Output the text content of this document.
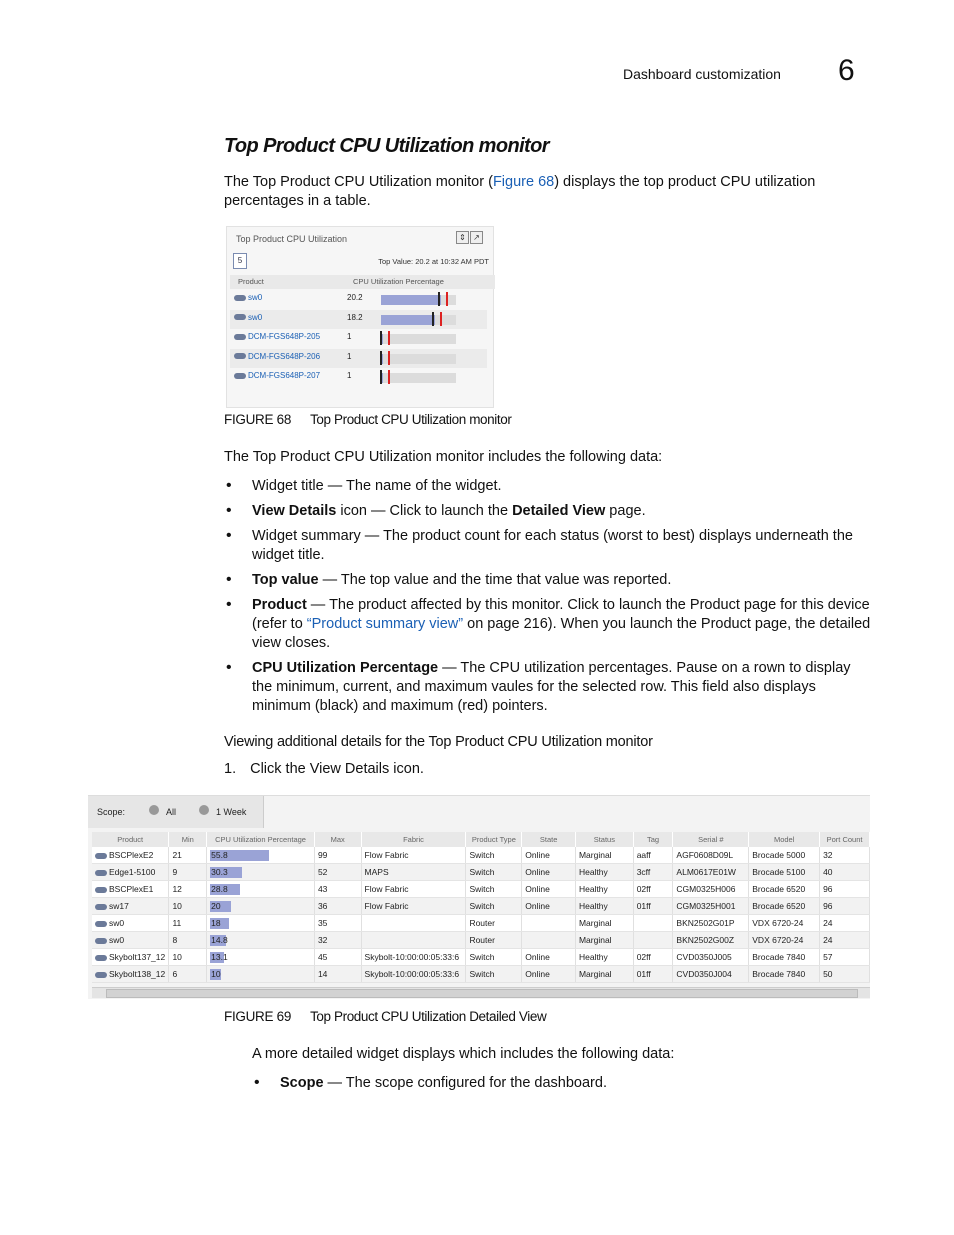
Dashboard customization 6
Top Product CPU Utilization monitor
The Top Product CPU Utilization monitor (Figure 68) displays the top product CPU utilization percentages in a table.
Top Product CPU Utilization	⇕ ↗
5	Top Value: 20.2 at 10:32 AM PDT
Product	CPU Utilization Percentage
sw0	20.2
sw0	18.2
DCM-FGS648P-205	1
DCM-FGS648P-206	1
DCM-FGS648P-207	1
FIGURE 68 Top Product CPU Utilization monitor
The Top Product CPU Utilization monitor includes the following data:
• Widget title — The name of the widget.
• View Details icon — Click to launch the Detailed View page.
• Widget summary — The product count for each status (worst to best) displays underneath the widget title.
• Top value — The top value and the time that value was reported.
• Product — The product affected by this monitor. Click to launch the Product page for this device (refer to “Product summary view” on page 216). When you launch the Product page, the detailed view closes.
• CPU Utilization Percentage — The CPU utilization percentages. Pause on a rown to display the minimum, current, and maximum vaules for the selected row. This field also displays minimum (black) and maximum (red) pointers.
Viewing additional details for the Top Product CPU Utilization monitor
1. Click the View Details icon.
Scope:	All	1 Week
Product	Min	CPU Utilization Percentage	Max	Fabric	Product Type	State	Status	Tag	Serial #	Model	Port Count
BSCPlexE2	21	55.8	99	Flow Fabric	Switch	Online	Marginal	aaff	AGF0608D09L	Brocade 5000	32
Edge1-5100	9	30.3	52	MAPS	Switch	Online	Healthy	3cff	ALM0617E01W	Brocade 5100	40
BSCPlexE1	12	28.8	43	Flow Fabric	Switch	Online	Healthy	02ff	CGM0325H006	Brocade 6520	96
sw17	10	20	36	Flow Fabric	Switch	Online	Healthy	01ff	CGM0325H001	Brocade 6520	96
sw0	11	18	35		Router		Marginal		BKN2502G01P	VDX 6720-24	24
sw0	8	14.8	32		Router		Marginal		BKN2502G00Z	VDX 6720-24	24
Skybolt137_12	10	13.1	45	Skybolt-10:00:00:05:33:6	Switch	Online	Healthy	02ff	CVD0350J005	Brocade 7840	57
Skybolt138_12	6	10	14	Skybolt-10:00:00:05:33:6	Switch	Online	Marginal	01ff	CVD0350J004	Brocade 7840	50
FIGURE 69 Top Product CPU Utilization Detailed View
A more detailed widget displays which includes the following data:
• Scope — The scope configured for the dashboard.
